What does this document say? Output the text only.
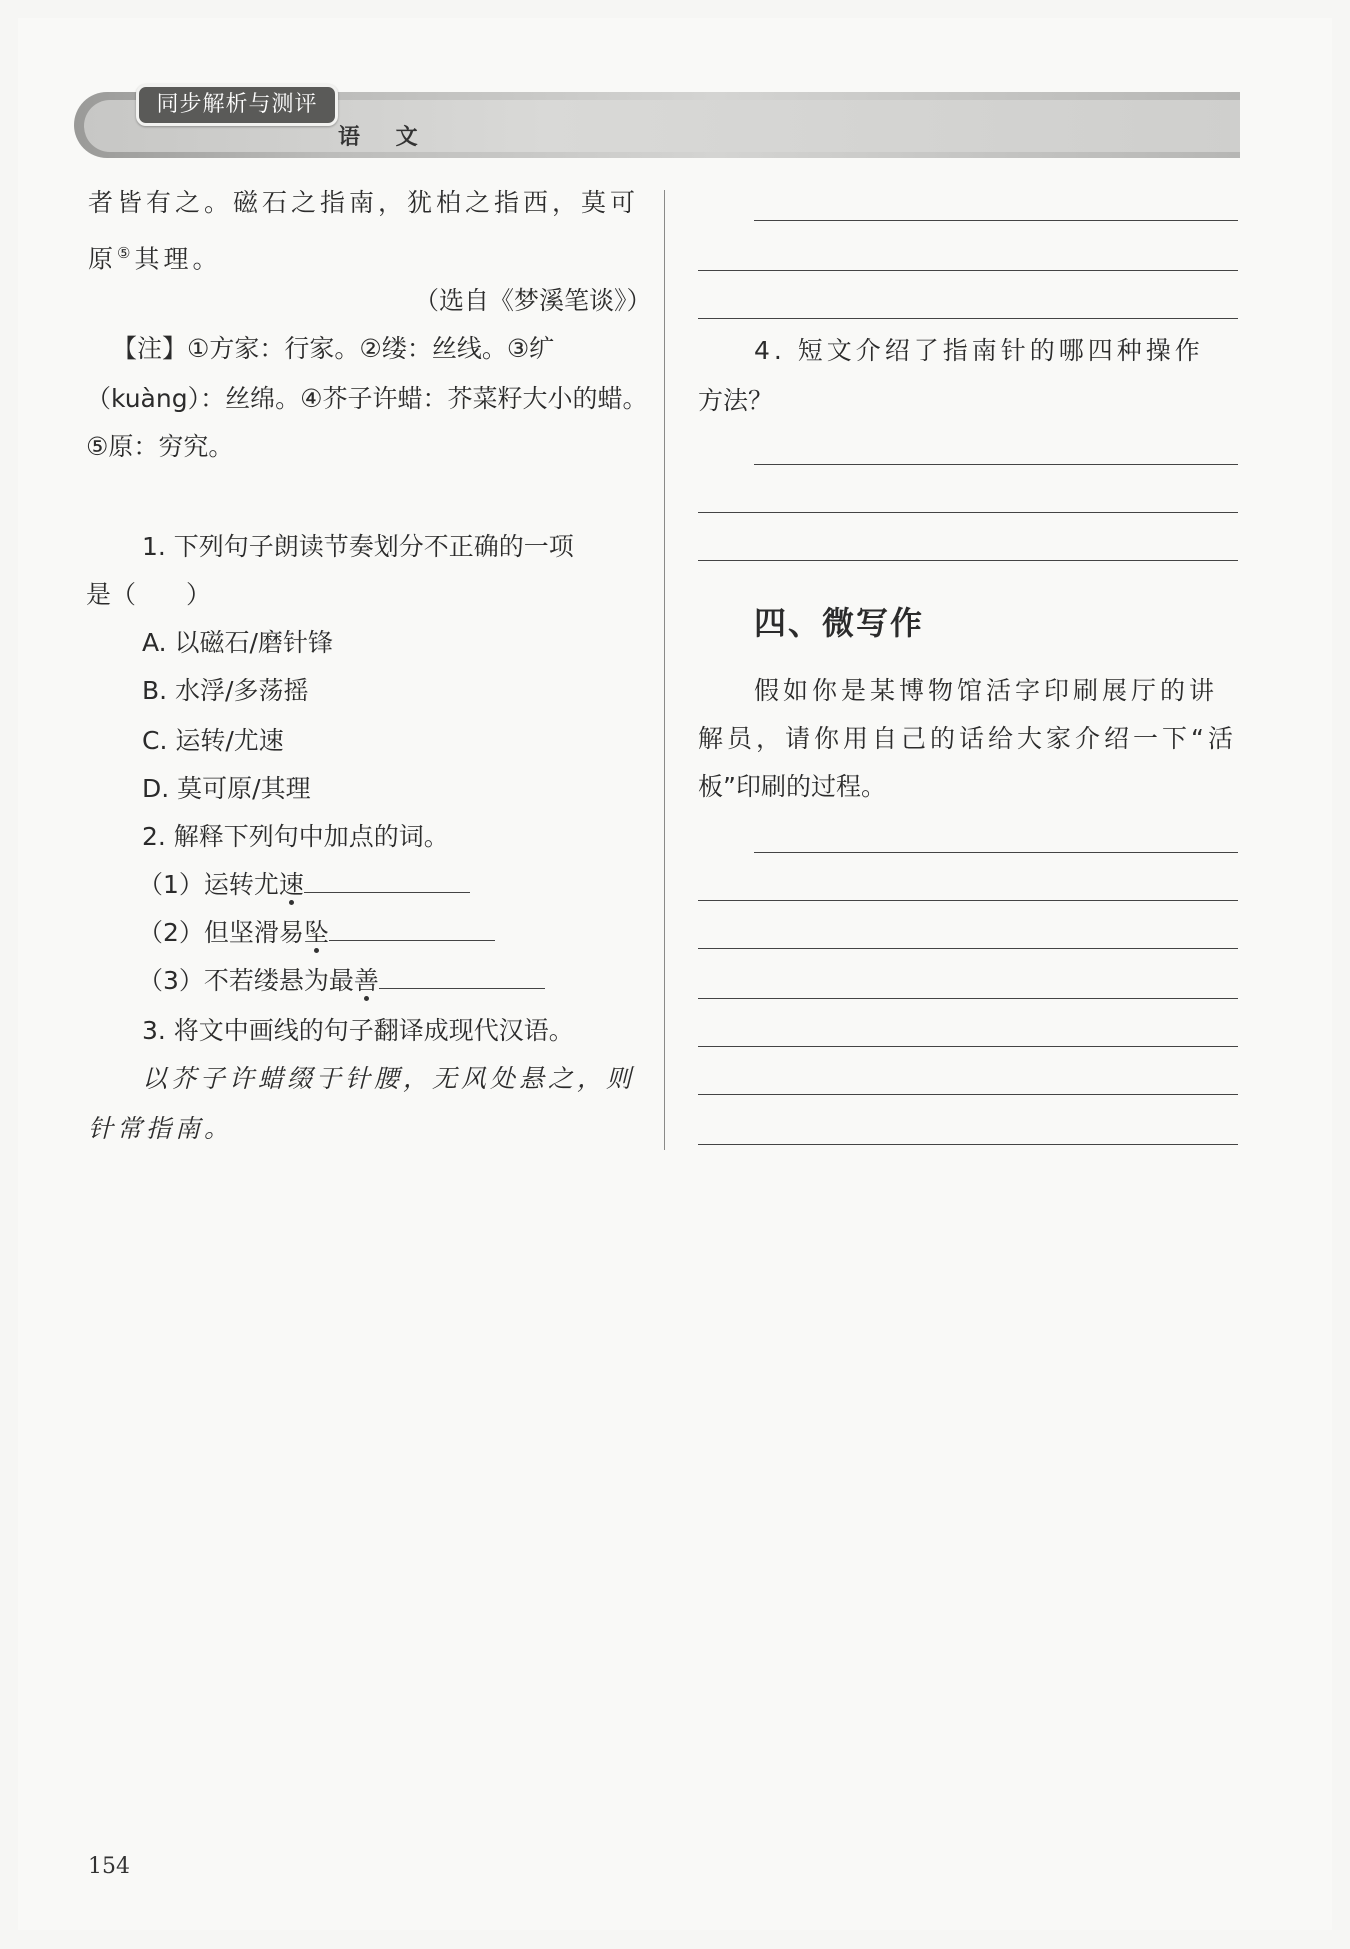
同步解析与测评
语 文
者皆有之。磁石之指南，犹柏之指西，莫可
原⑤其理。
（选自《梦溪笔谈》）
【注】①方家：行家。②缕：丝线。③纩
（kuàng）：丝绵。④芥子许蜡：芥菜籽大小的蜡。
⑤原：穷究。
1. 下列句子朗读节奏划分不正确的一项
是（　　）
A. 以磁石/磨针锋
B. 水浮/多荡摇
C. 运转/尤速
D. 莫可原/其理
2. 解释下列句中加点的词。
（1）运转尤速
（2）但坚滑易坠
（3）不若缕悬为最善
3. 将文中画线的句子翻译成现代汉语。
以芥子许蜡缀于针腰，无风处悬之，则
针常指南。
4. 短文介绍了指南针的哪四种操作
方法？
四、微写作
假如你是某博物馆活字印刷展厅的讲
解员，请你用自己的话给大家介绍一下“活
板”印刷的过程。
154
